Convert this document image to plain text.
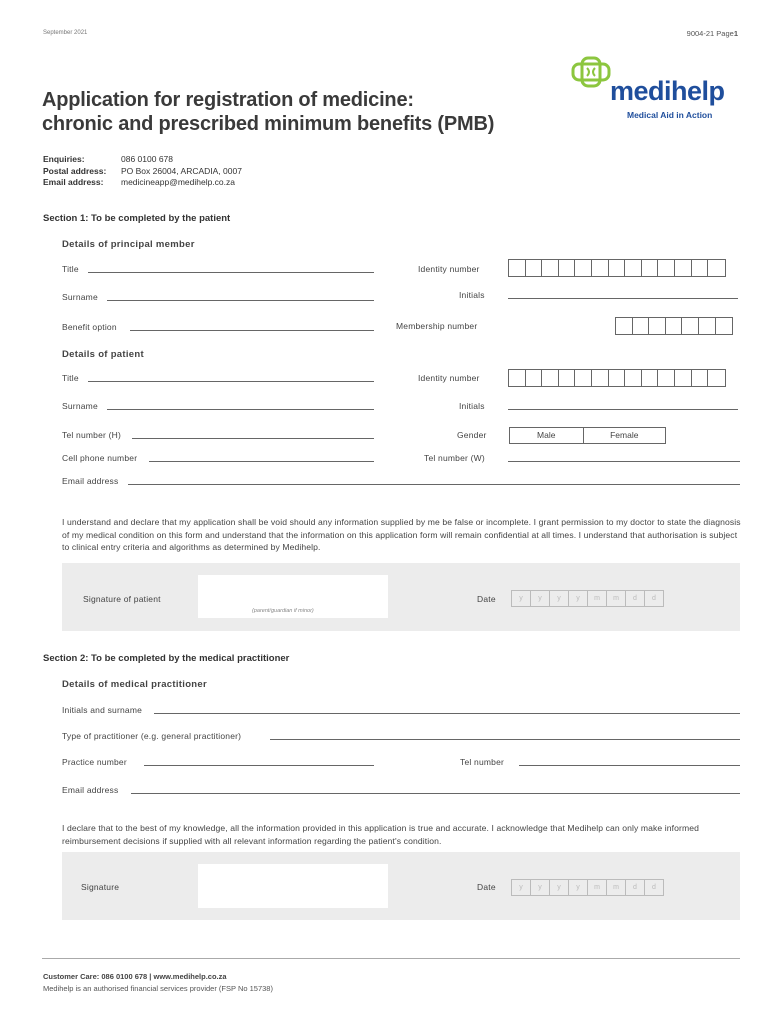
September 2021	9004-21 Page1
medihelp
Medical Aid in Action
Application for registration of medicine:
chronic and prescribed minimum benefits (PMB)
Enquiries:	086 0100 678
Postal address:	PO Box 26004, ARCADIA, 0007
Email address:	medicineapp@medihelp.co.za
Section 1: To be completed by the patient
Details of principal member
Title	Identity number
Surname	Initials
Benefit option	Membership number
Details of patient
Title	Identity number
Surname	Initials
Tel number (H)	Gender	Male	Female
Cell phone number	Tel number (W)
Email address
I understand and declare that my application shall be void should any information supplied by me be false or incomplete. I grant permission to my doctor to state the diagnosis of my medical condition on this form and understand that the information on this application form will remain confidential at all times. I understand that authorisation is subject to clinical entry criteria and algorithms as determined by Medihelp.
Signature of patient
(parent/guardian if minor)
Date	y	y	y	y	m	m	d	d
Section 2: To be completed by the medical practitioner
Details of medical practitioner
Initials and surname
Type of practitioner (e.g. general practitioner)
Practice number	Tel number
Email address
I declare that to the best of my knowledge, all the information provided in this application is true and accurate. I acknowledge that Medihelp can only make informed reimbursement decisions if supplied with all relevant information regarding the patient's condition.
Signature	Date	y	y	y	y	m	m	d	d
Customer Care: 086 0100 678 | www.medihelp.co.za
Medihelp is an authorised financial services provider (FSP No 15738)
